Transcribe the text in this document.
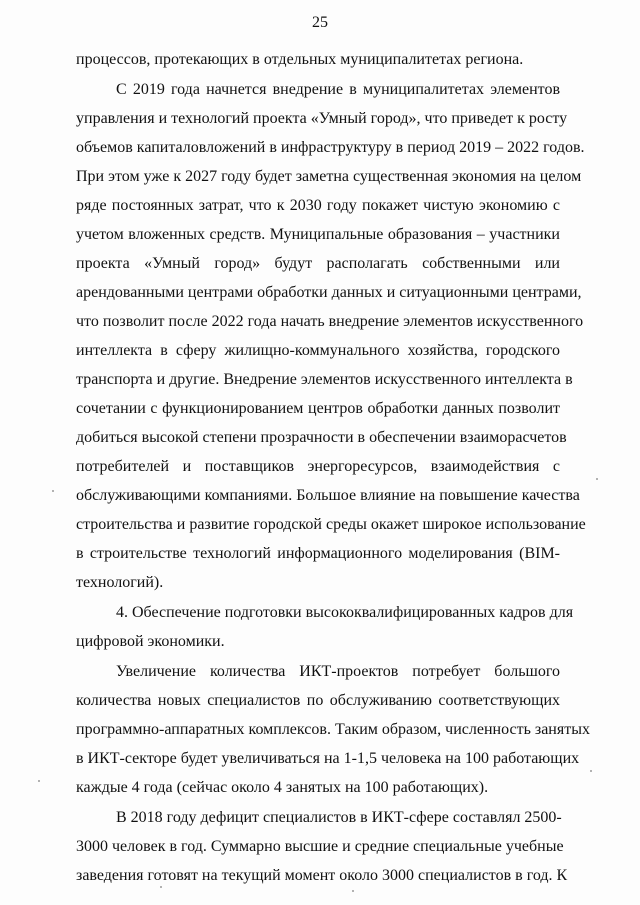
25
процессов, протекающих в отдельных муниципалитетах региона.
С 2019 года начнется внедрение в муниципалитетах элементов
управления и технологий проекта «Умный город», что приведет к росту
объемов капиталовложений в инфраструктуру в период 2019 – 2022 годов.
При этом уже к 2027 году будет заметна существенная экономия на целом
ряде постоянных затрат, что к 2030 году покажет чистую экономию с
учетом вложенных средств. Муниципальные образования – участники
проекта «Умный город» будут располагать собственными или
арендованными центрами обработки данных и ситуационными центрами,
что позволит после 2022 года начать внедрение элементов искусственного
интеллекта в сферу жилищно-коммунального хозяйства, городского
транспорта и другие. Внедрение элементов искусственного интеллекта в
сочетании с функционированием центров обработки данных позволит
добиться высокой степени прозрачности в обеспечении взаиморасчетов
потребителей и поставщиков энергоресурсов, взаимодействия с
обслуживающими компаниями. Большое влияние на повышение качества
строительства и развитие городской среды окажет широкое использование
в строительстве технологий информационного моделирования (BIM-
технологий).
4. Обеспечение подготовки высококвалифицированных кадров для
цифровой экономики.
Увеличение количества ИКТ-проектов потребует большого
количества новых специалистов по обслуживанию соответствующих
программно-аппаратных комплексов. Таким образом, численность занятых
в ИКТ-секторе будет увеличиваться на 1-1,5 человека на 100 работающих
каждые 4 года (сейчас около 4 занятых на 100 работающих).
В 2018 году дефицит специалистов в ИКТ-сфере составлял 2500-
3000 человек в год. Суммарно высшие и средние специальные учебные
заведения готовят на текущий момент около 3000 специалистов в год. К
